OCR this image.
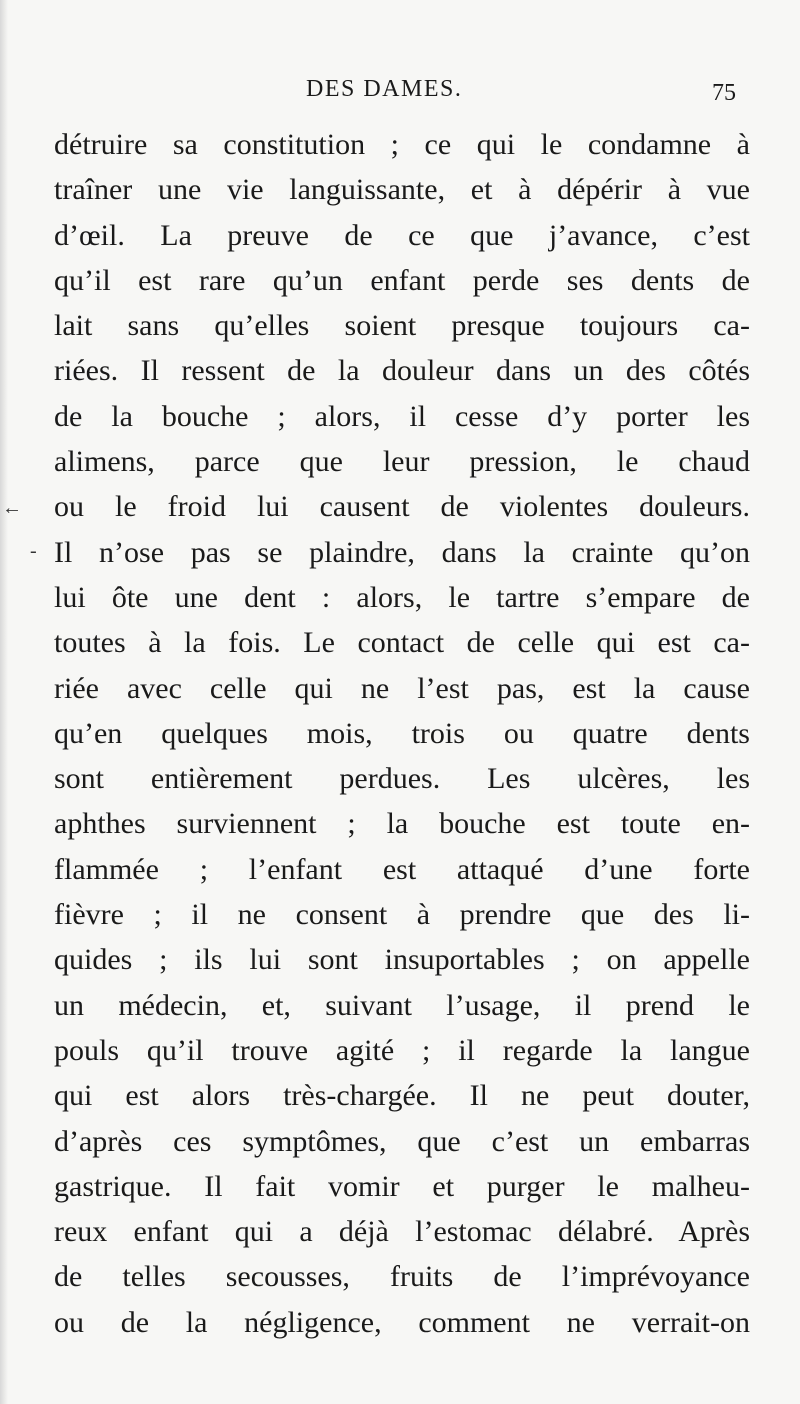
DES DAMES.	75
←
-
détruire sa constitution ; ce qui le condamne à
traîner une vie languissante, et à dépérir à vue
d’œil. La preuve de ce que j’avance, c’est
qu’il est rare qu’un enfant perde ses dents de
lait sans qu’elles soient presque toujours ca-
riées. Il ressent de la douleur dans un des côtés
de la bouche ; alors, il cesse d’y porter les
alimens, parce que leur pression, le chaud
ou le froid lui causent de violentes douleurs.
Il n’ose pas se plaindre, dans la crainte qu’on
lui ôte une dent : alors, le tartre s’empare de
toutes à la fois. Le contact de celle qui est ca-
riée avec celle qui ne l’est pas, est la cause
qu’en quelques mois, trois ou quatre dents
sont entièrement perdues. Les ulcères, les
aphthes surviennent ; la bouche est toute en-
flammée ; l’enfant est attaqué d’une forte
fièvre ; il ne consent à prendre que des li-
quides ; ils lui sont insuportables ; on appelle
un médecin, et, suivant l’usage, il prend le
pouls qu’il trouve agité ; il regarde la langue
qui est alors très-chargée. Il ne peut douter,
d’après ces symptômes, que c’est un embarras
gastrique. Il fait vomir et purger le malheu-
reux enfant qui a déjà l’estomac délabré. Après
de telles secousses, fruits de l’imprévoyance
ou de la négligence, comment ne verrait-on
